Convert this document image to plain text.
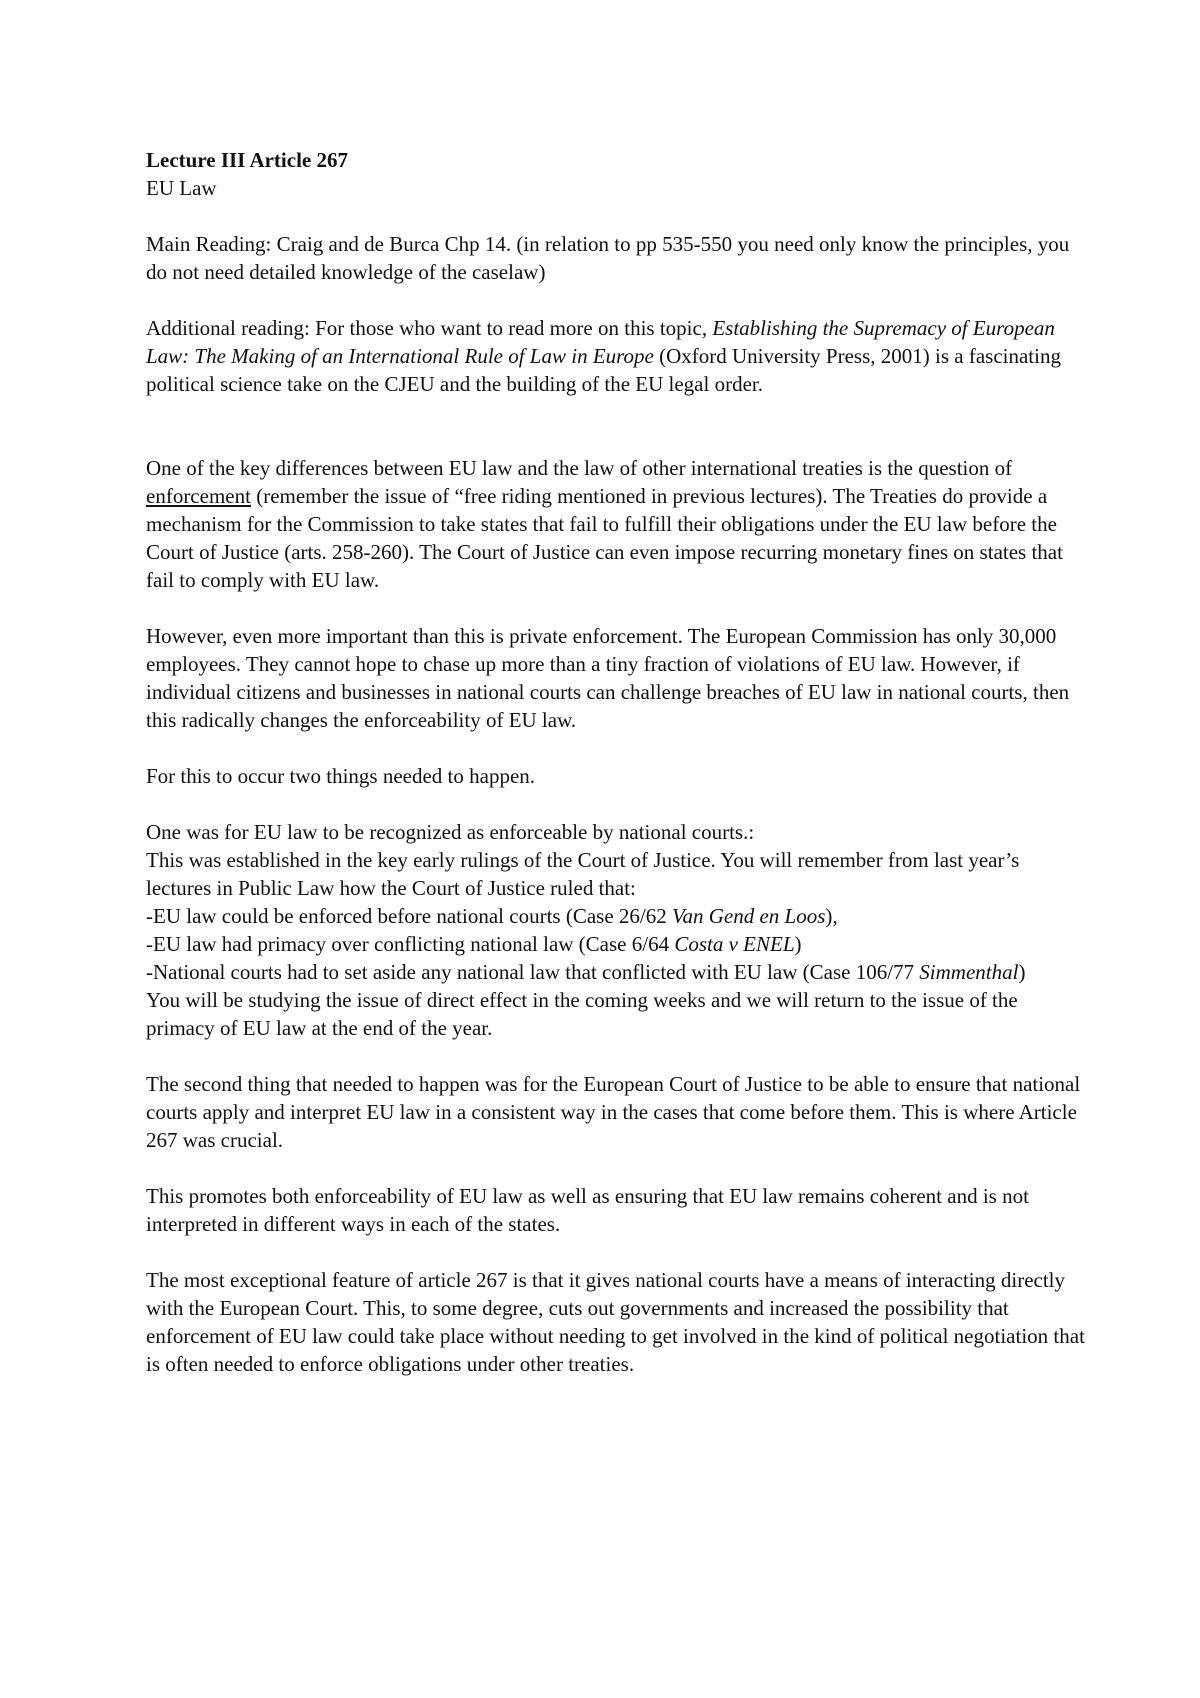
Lecture III Article 267

EU Law

Main Reading: Craig and de Burca Chp 14. (in relation to pp 535-550 you need only know the principles, you do not need detailed knowledge of the caselaw)

Additional reading: For those who want to read more on this topic, Establishing the Supremacy of European Law: The Making of an International Rule of Law in Europe (Oxford University Press, 2001) is a fascinating political science take on the CJEU and the building of the EU legal order.

One of the key differences between EU law and the law of other international treaties is the question of enforcement (remember the issue of “free riding mentioned in previous lectures). The Treaties do provide a mechanism for the Commission to take states that fail to fulfill their obligations under the EU law before the Court of Justice (arts. 258-260). The Court of Justice can even impose recurring monetary fines on states that fail to comply with EU law.

However, even more important than this is private enforcement. The European Commission has only 30,000 employees. They cannot hope to chase up more than a tiny fraction of violations of EU law. However, if individual citizens and businesses in national courts can challenge breaches of EU law in national courts, then this radically changes the enforceability of EU law.

For this to occur two things needed to happen.

One was for EU law to be recognized as enforceable by national courts.:

This was established in the key early rulings of the Court of Justice. You will remember from last year’s lectures in Public Law how the Court of Justice ruled that:

-EU law could be enforced before national courts (Case 26/62 Van Gend en Loos),

-EU law had primacy over conflicting national law (Case 6/64 Costa v ENEL)

-National courts had to set aside any national law that conflicted with EU law (Case 106/77 Simmenthal)

You will be studying the issue of direct effect in the coming weeks and we will return to the issue of the primacy of EU law at the end of the year.

The second thing that needed to happen was for the European Court of Justice to be able to ensure that national courts apply and interpret EU law in a consistent way in the cases that come before them. This is where Article 267 was crucial.

This promotes both enforceability of EU law as well as ensuring that EU law remains coherent and is not interpreted in different ways in each of the states.

The most exceptional feature of article 267 is that it gives national courts have a means of interacting directly with the European Court. This, to some degree, cuts out governments and increased the possibility that enforcement of EU law could take place without needing to get involved in the kind of political negotiation that is often needed to enforce obligations under other treaties.
